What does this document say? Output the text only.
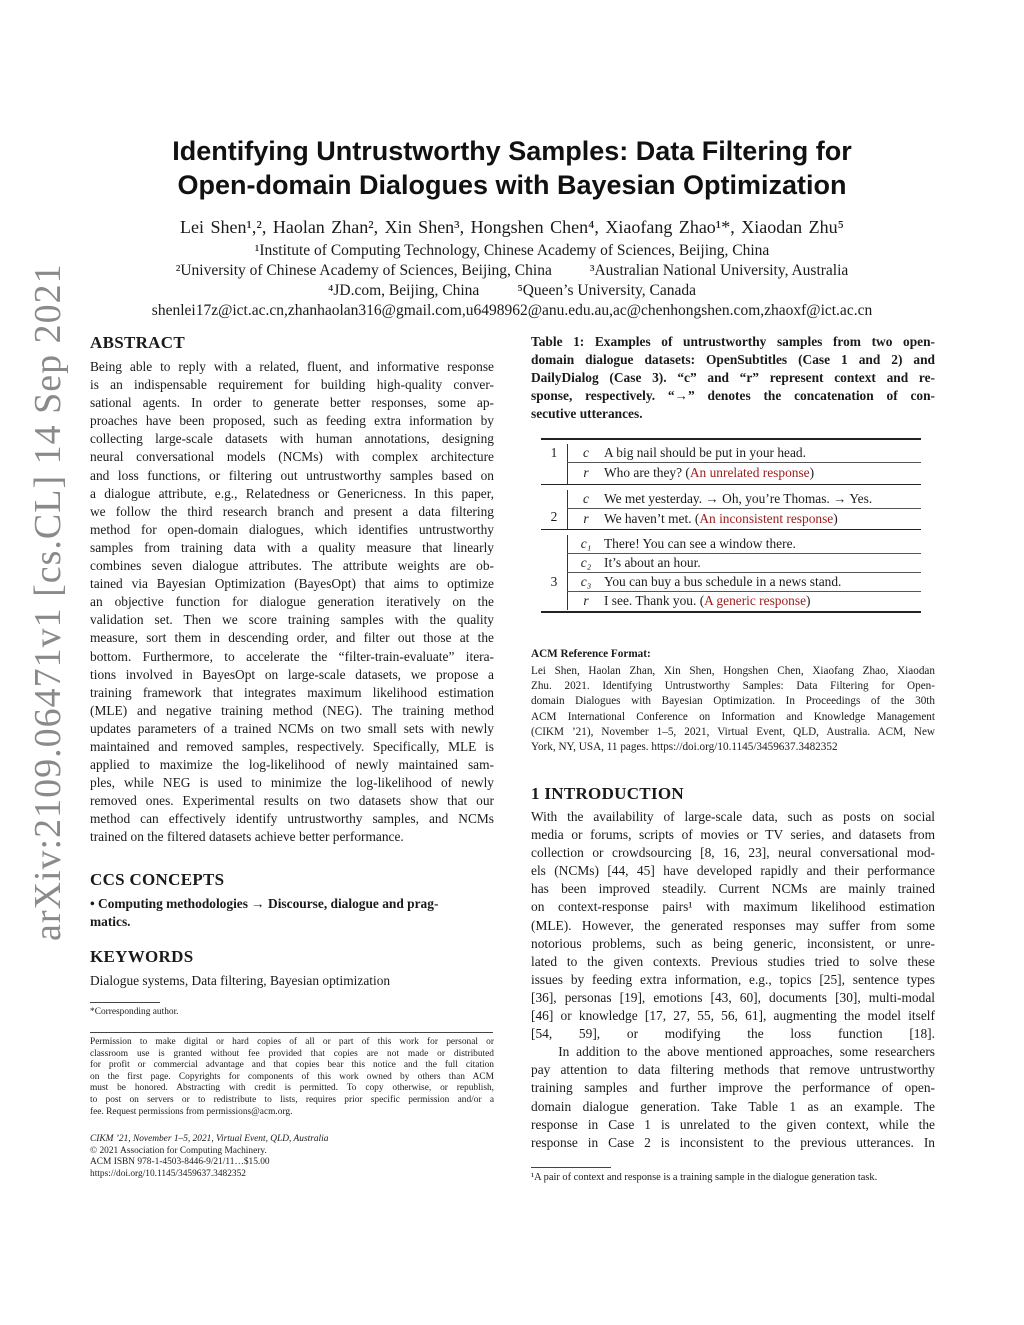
Identifying Untrustworthy Samples: Data Filtering for
Open-domain Dialogues with Bayesian Optimization
Lei Shen¹,², Haolan Zhan², Xin Shen³, Hongshen Chen⁴, Xiaofang Zhao¹*, Xiaodan Zhu⁵
¹Institute of Computing Technology, Chinese Academy of Sciences, Beijing, China
²University of Chinese Academy of Sciences, Beijing, China ³Australian National University, Australia
⁴JD.com, Beijing, China ⁵Queen’s University, Canada
shenlei17z@ict.ac.cn,zhanhaolan316@gmail.com,u6498962@anu.edu.au,ac@chenhongshen.com,zhaoxf@ict.ac.cn
arXiv:2109.06471v1 [cs.CL] 14 Sep 2021 ABSTRACT
Being able to reply with a related, fluent, and informative response
is an indispensable requirement for building high-quality conver-
sational agents. In order to generate better responses, some ap-
proaches have been proposed, such as feeding extra information by
collecting large-scale datasets with human annotations, designing
neural conversational models (NCMs) with complex architecture
and loss functions, or filtering out untrustworthy samples based on
a dialogue attribute, e.g., Relatedness or Genericness. In this paper,
we follow the third research branch and present a data filtering
method for open-domain dialogues, which identifies untrustworthy
samples from training data with a quality measure that linearly
combines seven dialogue attributes. The attribute weights are ob-
tained via Bayesian Optimization (BayesOpt) that aims to optimize
an objective function for dialogue generation iteratively on the
validation set. Then we score training samples with the quality
measure, sort them in descending order, and filter out those at the
bottom. Furthermore, to accelerate the “filter-train-evaluate” itera-
tions involved in BayesOpt on large-scale datasets, we propose a
training framework that integrates maximum likelihood estimation
(MLE) and negative training method (NEG). The training method
updates parameters of a trained NCMs on two small sets with newly
maintained and removed samples, respectively. Specifically, MLE is
applied to maximize the log-likelihood of newly maintained sam-
ples, while NEG is used to minimize the log-likelihood of newly
removed ones. Experimental results on two datasets show that our
method can effectively identify untrustworthy samples, and NCMs
trained on the filtered datasets achieve better performance.
CCS CONCEPTS
• Computing methodologies → Discourse, dialogue and prag-
matics.
KEYWORDS
Dialogue systems, Data filtering, Bayesian optimization
*Corresponding author.
Permission to make digital or hard copies of all or part of this work for personal or
classroom use is granted without fee provided that copies are not made or distributed
for profit or commercial advantage and that copies bear this notice and the full citation
on the first page. Copyrights for components of this work owned by others than ACM
must be honored. Abstracting with credit is permitted. To copy otherwise, or republish,
to post on servers or to redistribute to lists, requires prior specific permission and/or a
fee. Request permissions from permissions@acm.org.
CIKM ’21, November 1–5, 2021, Virtual Event, QLD, Australia
© 2021 Association for Computing Machinery.
ACM ISBN 978-1-4503-8446-9/21/11…$15.00
https://doi.org/10.1145/3459637.3482352
Table 1: Examples of untrustworthy samples from two open-
domain dialogue datasets: OpenSubtitles (Case 1 and 2) and
DailyDialog (Case 3). “c” and “r” represent context and re-
sponse, respectively. “→” denotes the concatenation of con-
secutive utterances.
1	c	A big nail should be put in your head.
	r	Who are they? (An unrelated response)

	c	We met yesterday. → Oh, you’re Thomas. → Yes.
2	r	We haven’t met. (An inconsistent response)

	c₁	There! You can see a window there.
	c₂	It’s about an hour.
3	c₃	You can buy a bus schedule in a news stand.
	r	I see. Thank you. (A generic response)
ACM Reference Format:
Lei Shen, Haolan Zhan, Xin Shen, Hongshen Chen, Xiaofang Zhao, Xiaodan
Zhu. 2021. Identifying Untrustworthy Samples: Data Filtering for Open-
domain Dialogues with Bayesian Optimization. In Proceedings of the 30th
ACM International Conference on Information and Knowledge Management
(CIKM ’21), November 1–5, 2021, Virtual Event, QLD, Australia. ACM, New
York, NY, USA, 11 pages. https://doi.org/10.1145/3459637.3482352
1 INTRODUCTION
With the availability of large-scale data, such as posts on social
media or forums, scripts of movies or TV series, and datasets from
collection or crowdsourcing [8, 16, 23], neural conversational mod-
els (NCMs) [44, 45] have developed rapidly and their performance
has been improved steadily. Current NCMs are mainly trained
on context-response pairs¹ with maximum likelihood estimation
(MLE). However, the generated responses may suffer from some
notorious problems, such as being generic, inconsistent, or unre-
lated to the given contexts. Previous studies tried to solve these
issues by feeding extra information, e.g., topics [25], sentence types
[36], personas [19], emotions [43, 60], documents [30], multi-modal
[46] or knowledge [17, 27, 55, 56, 61], augmenting the model itself
[54, 59], or modifying the loss function [18].
In addition to the above mentioned approaches, some researchers
pay attention to data filtering methods that remove untrustworthy
training samples and further improve the performance of open-
domain dialogue generation. Take Table 1 as an example. The
response in Case 1 is unrelated to the given context, while the
response in Case 2 is inconsistent to the previous utterances. In
¹A pair of context and response is a training sample in the dialogue generation task.
